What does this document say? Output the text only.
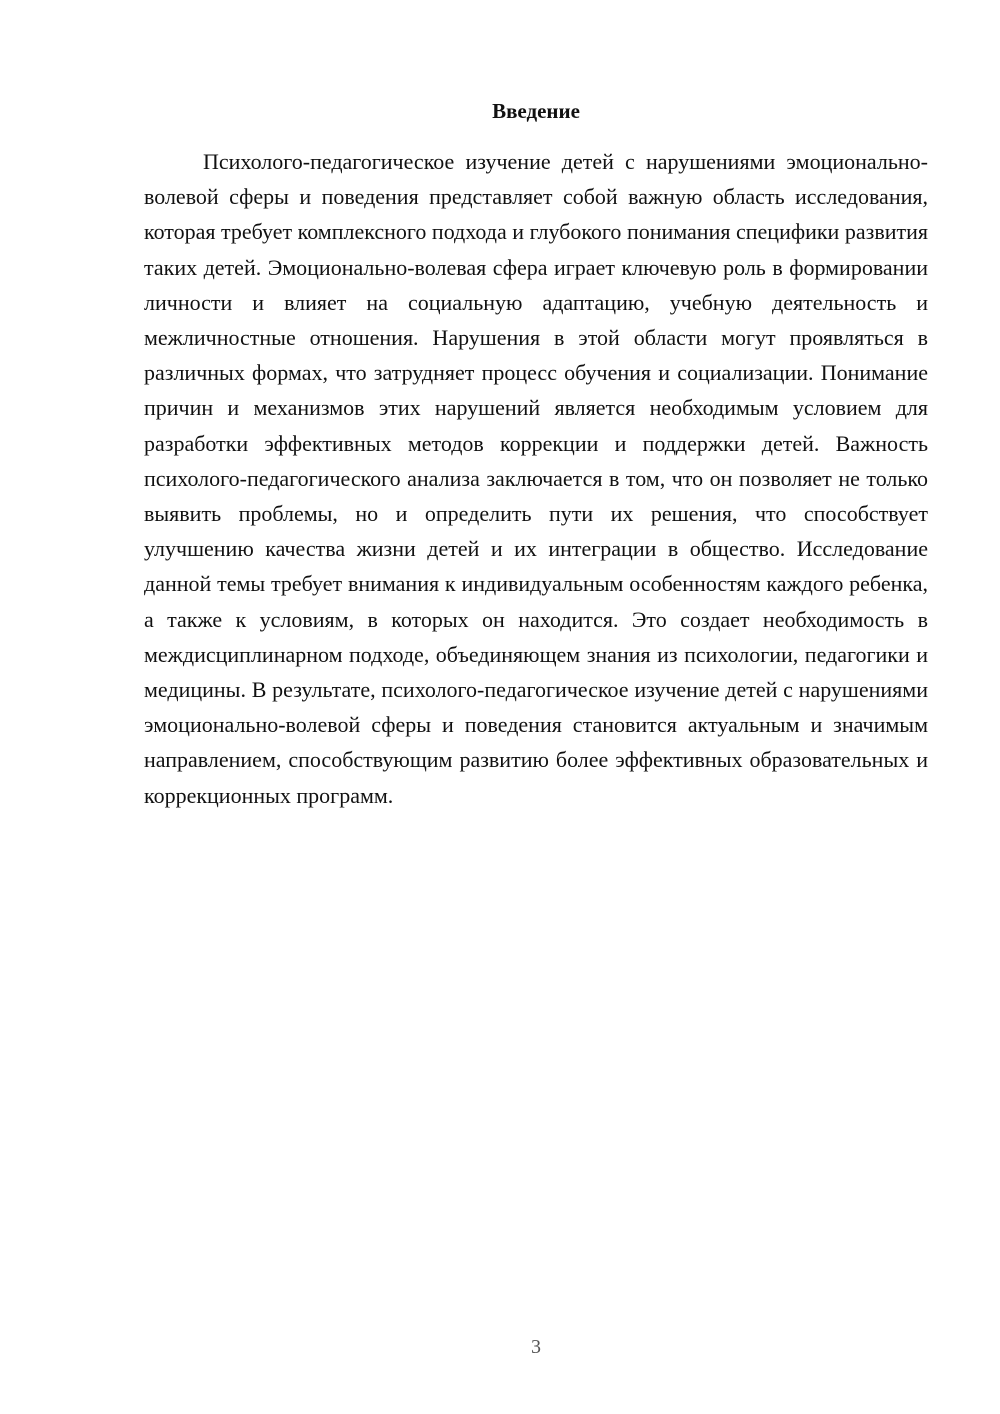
Введение

Психолого-педагогическое изучение детей с нарушениями эмоционально-волевой сферы и поведения представляет собой важную область исследования, которая требует комплексного подхода и глубокого понимания специфики развития таких детей. Эмоционально-волевая сфера играет ключевую роль в формировании личности и влияет на социальную адаптацию, учебную деятельность и межличностные отношения. Нарушения в этой области могут проявляться в различных формах, что затрудняет процесс обучения и социализации. Понимание причин и механизмов этих нарушений является необходимым условием для разработки эффективных методов коррекции и поддержки детей. Важность психолого-педагогического анализа заключается в том, что он позволяет не только выявить проблемы, но и определить пути их решения, что способствует улучшению качества жизни детей и их интеграции в общество. Исследование данной темы требует внимания к индивидуальным особенностям каждого ребенка, а также к условиям, в которых он находится. Это создает необходимость в междисциплинарном подходе, объединяющем знания из психологии, педагогики и медицины. В результате, психолого-педагогическое изучение детей с нарушениями эмоционально-волевой сферы и поведения становится актуальным и значимым направлением, способствующим развитию более эффективных образовательных и коррекционных программ.

3
